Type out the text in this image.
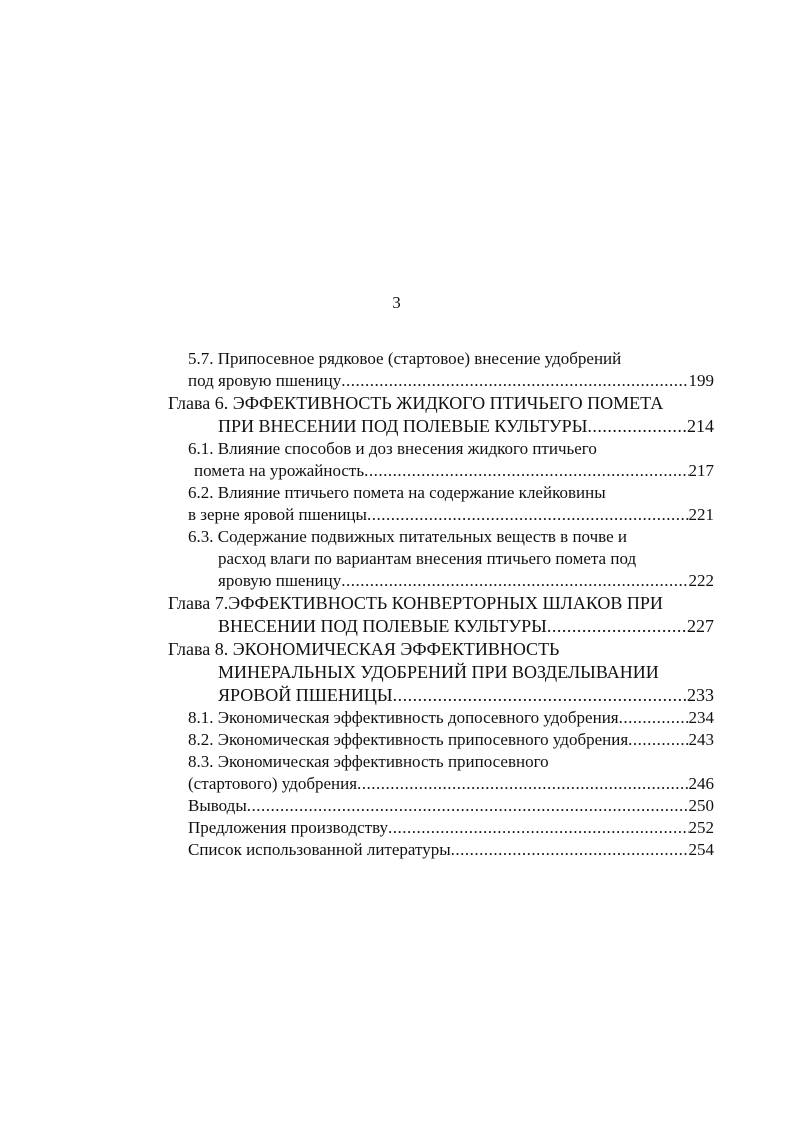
3
5.7. Припосевное рядковое (стартовое) внесение удобрений
под яровую пшеницу .....	199
Глава 6. ЭФФЕКТИВНОСТЬ ЖИДКОГО ПТИЧЬЕГО ПОМЕТА
ПРИ ВНЕСЕНИИ ПОД ПОЛЕВЫЕ КУЛЬТУРЫ .....	214
6.1. Влияние способов и доз внесения жидкого птичьего
помета на урожайность .....	217
6.2. Влияние птичьего помета на содержание клейковины
в зерне яровой пшеницы .....	221
6.3. Содержание подвижных питательных веществ в почве и
расход влаги по вариантам внесения птичьего помета под
яровую пшеницу .....	222
Глава 7.ЭФФЕКТИВНОСТЬ КОНВЕРТОРНЫХ ШЛАКОВ ПРИ
ВНЕСЕНИИ ПОД ПОЛЕВЫЕ КУЛЬТУРЫ .....	227
Глава 8. ЭКОНОМИЧЕСКАЯ ЭФФЕКТИВНОСТЬ
МИНЕРАЛЬНЫХ УДОБРЕНИЙ ПРИ ВОЗДЕЛЫВАНИИ
ЯРОВОЙ ПШЕНИЦЫ .....	233
8.1. Экономическая эффективность допосевного удобрения .....	234
8.2. Экономическая эффективность припосевного удобрения .....	243
8.3. Экономическая эффективность припосевного
(стартового) удобрения .....	246
Выводы .....	250
Предложения производству .....	252
Список использованной литературы .....	254
